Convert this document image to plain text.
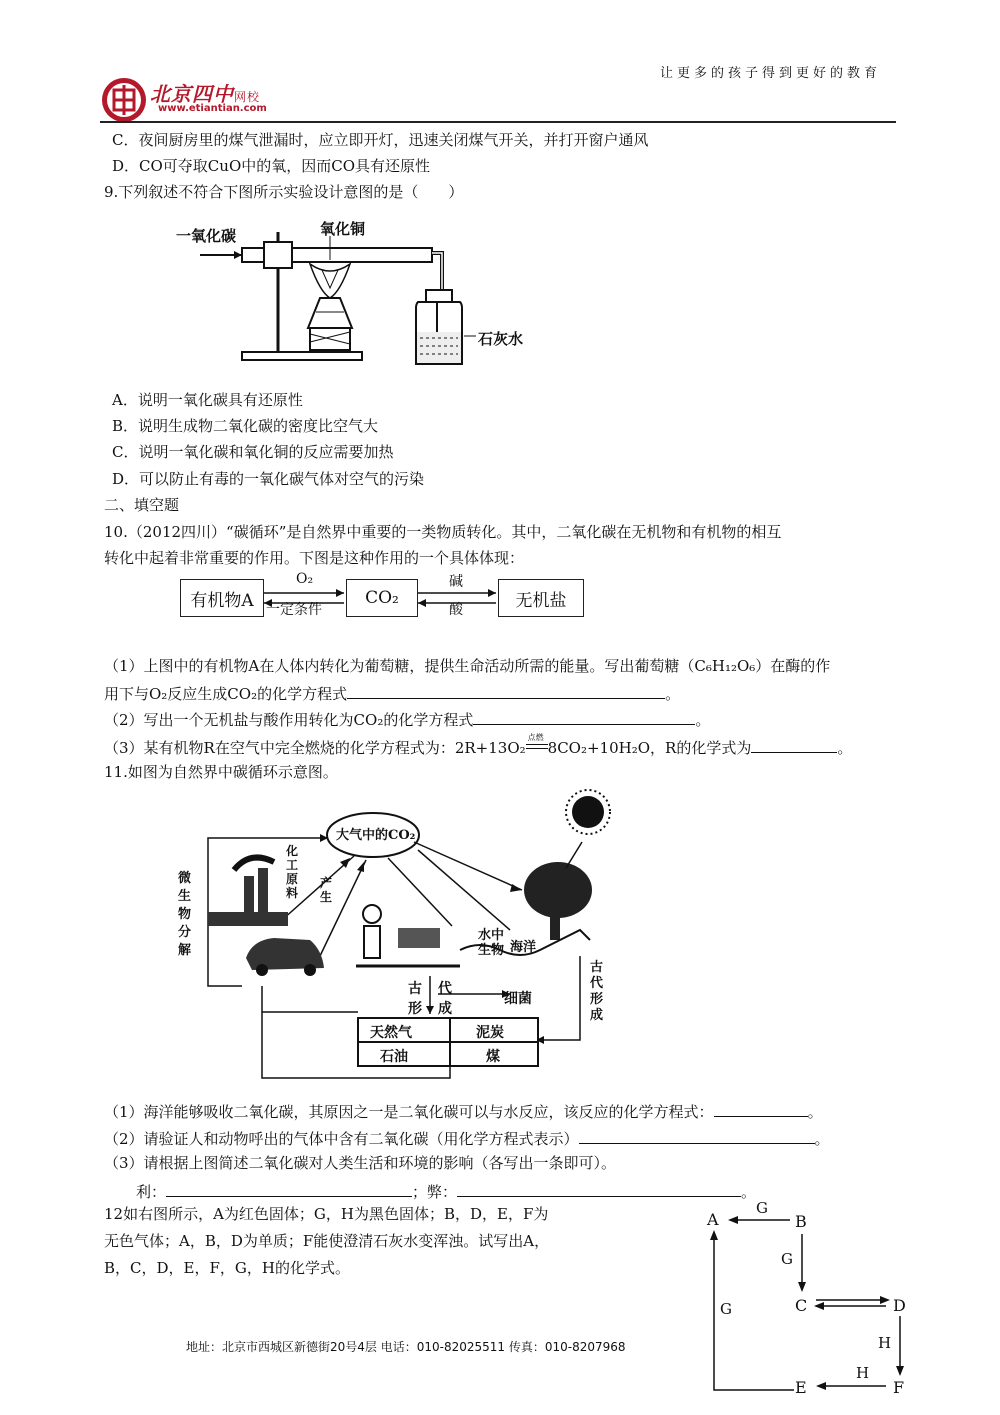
让更多的孩子得到更好的教育
北京四中网校
www.etiantian.com
C．夜间厨房里的煤气泄漏时，应立即开灯，迅速关闭煤气开关，并打开窗户通风
D．CO可夺取CuO中的氧，因而CO具有还原性
9.下列叙述不符合下图所示实验设计意图的是（　　）
一氧化碳	氧化铜
石灰水
A．说明一氧化碳具有还原性
B．说明生成物二氧化碳的密度比空气大
C．说明一氧化碳和氧化铜的反应需要加热
D．可以防止有毒的一氧化碳气体对空气的污染
二、填空题
10.（2012四川）“碳循环”是自然界中重要的一类物质转化。其中，二氧化碳在无机物和有机物的相互
转化中起着非常重要的作用。下图是这种作用的一个具体体现：
有机物A	CO₂	无机盐
O₂
一定条件
碱
酸
（1）上图中的有机物A在人体内转化为葡萄糖，提供生命活动所需的能量。写出葡萄糖（C₆H₁₂O₆）在酶的作
用下与O₂反应生成CO₂的化学方程式	。
（2）写出一个无机盐与酸作用转化为CO₂的化学方程式	。
（3）某有机物R在空气中完全燃烧的化学方程式为：2R+13O₂
点燃
8CO₂+10H₂O，R的化学式为	。
11.如图为自然界中碳循环示意图。
大气中的CO₂
微生物分解
化工原料
产生
水中生物 海洋
古代形成
古 代
形 成
细菌
天然气	泥炭
石油	煤
（1）海洋能够吸收二氧化碳，其原因之一是二氧化碳可以与水反应，该反应的化学方程式：	。
（2）请验证人和动物呼出的气体中含有二氧化碳（用化学方程式表示）	。
（3）请根据上图简述二氧化碳对人类生活和环境的影响（各写出一条即可）。
利：	；弊：	。
12如右图所示，A为红色固体；G，H为黑色固体；B，D，E，F为
无色气体；A，B，D为单质；F能使澄清石灰水变浑浊。试写出A，
B，C，D，E，F，G，H的化学式。
A	B
C	D
E	F
G
G
G
H
H
地址：北京市西城区新德街20号4层 电话：010-82025511 传真：010-8207968
